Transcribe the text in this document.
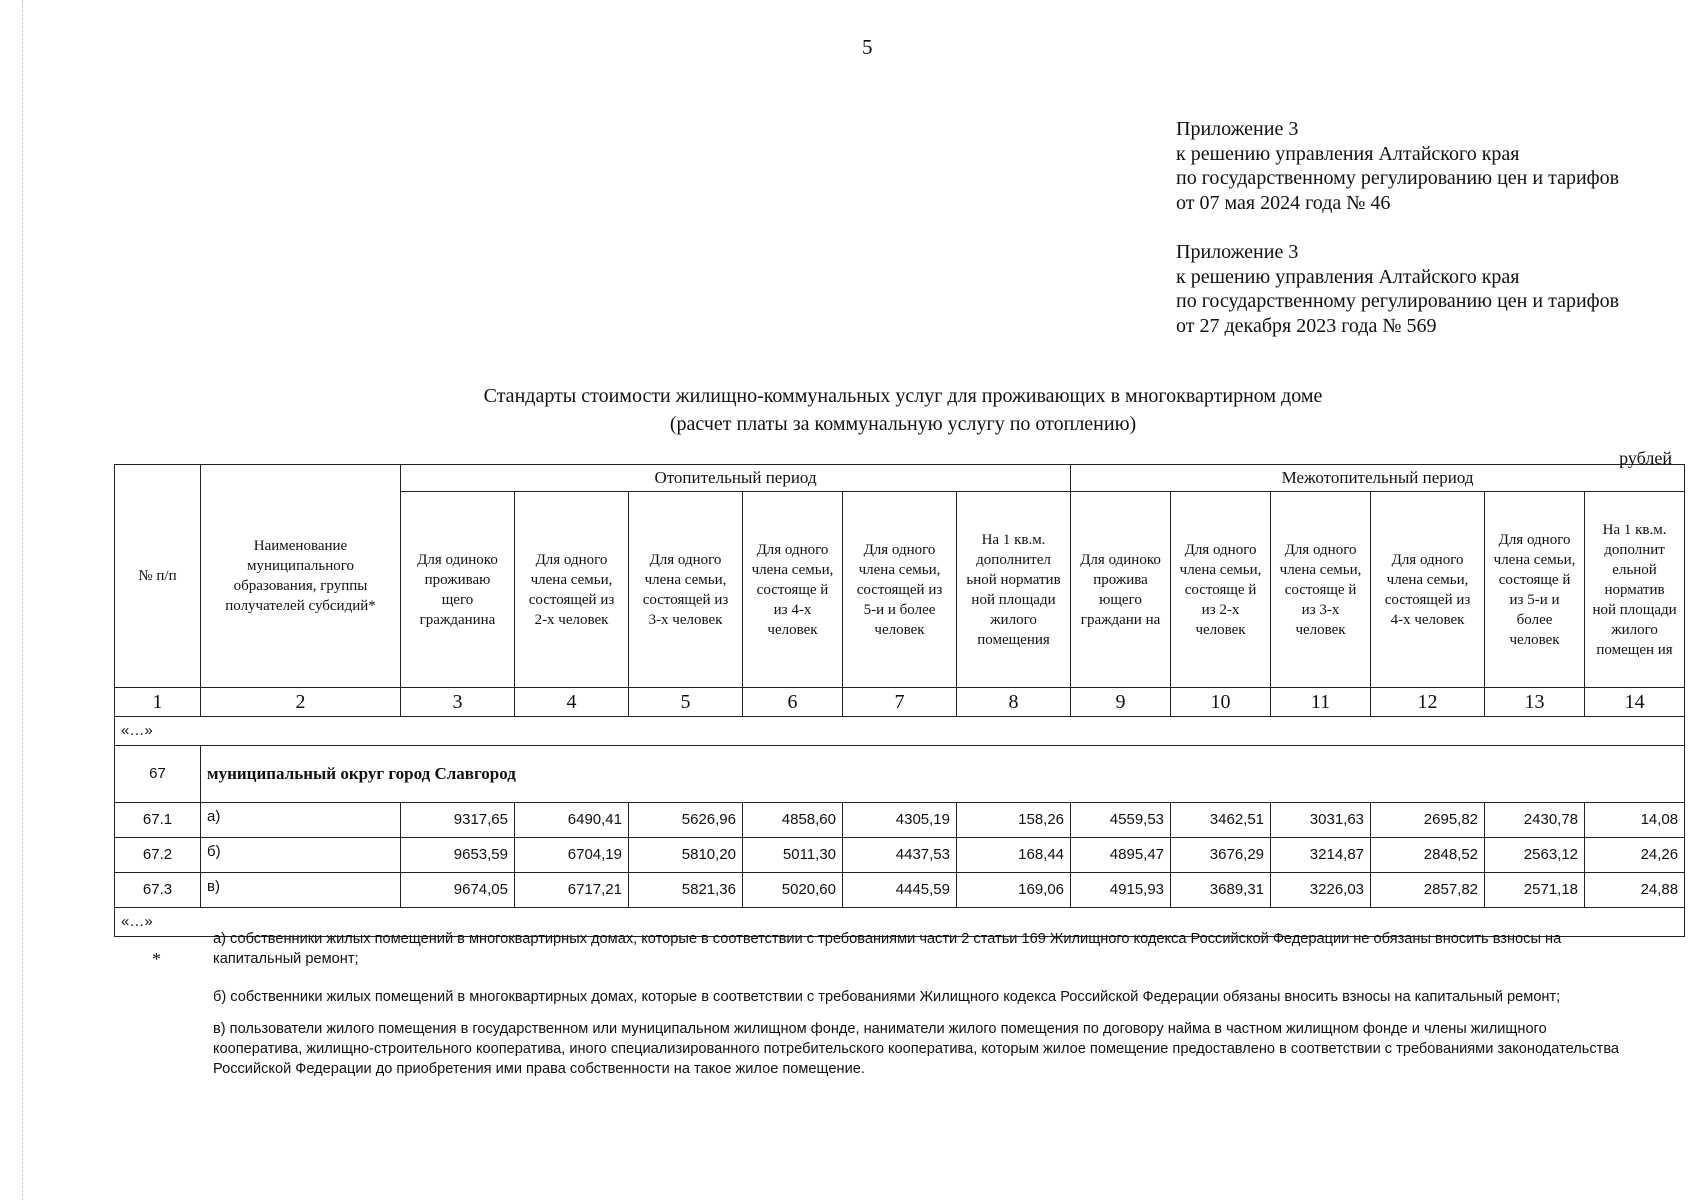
5
Приложение 3
к решению управления Алтайского края
по государственному регулированию цен и тарифов
от 07 мая 2024 года № 46
Приложение 3
к решению управления Алтайского края
по государственному регулированию цен и тарифов
от 27 декабря 2023 года № 569
Стандарты стоимости жилищно-коммунальных услуг для проживающих в многоквартирном доме
(расчет платы за коммунальную услугу по отоплению)
рублей
№ п/п	Наименование муниципального образования, группы получателей субсидий*	Отопительный период						Межотопительный период					
		Для одиноко проживаю щего гражданина	Для одного члена семьи, состоящей из 2-х человек	Для одного члена семьи, состоящей из 3-х человек	Для одного члена семьи, состояще й из 4-х человек	Для одного члена семьи, состоящей из 5-и и более человек	На 1 кв.м. дополнител ьной норматив ной площади жилого помещения	Для одиноко прожива ющего граждани на	Для одного члена семьи, состояще й из 2-х человек	Для одного члена семьи, состояще й из 3-х человек	Для одного члена семьи, состоящей из 4-х человек	Для одного члена семьи, состояще й из 5-и и более человек	На 1 кв.м. дополнит ельной норматив ной площади жилого помещен ия
1	2	3	4	5	6	7	8	9	10	11	12	13	14
«…»													
67	муниципальный округ город Славгород												
67.1	а)	9317,65	6490,41	5626,96	4858,60	4305,19	158,26	4559,53	3462,51	3031,63	2695,82	2430,78	14,08
67.2	б)	9653,59	6704,19	5810,20	5011,30	4437,53	168,44	4895,47	3676,29	3214,87	2848,52	2563,12	24,26
67.3	в)	9674,05	6717,21	5821,36	5020,60	4445,59	169,06	4915,93	3689,31	3226,03	2857,82	2571,18	24,88
«…»													
*

а) собственники жилых помещений в многоквартирных домах, которые в соответствии с требованиями части 2 статьи 169 Жилищного кодекса Российской Федерации не обязаны вносить взносы на капитальный ремонт;

б) собственники жилых помещений в многоквартирных домах, которые в соответствии с требованиями Жилищного кодекса Российской Федерации обязаны вносить взносы на капитальный ремонт;

в) пользователи жилого помещения в государственном или муниципальном жилищном фонде, наниматели жилого помещения по договору найма в частном жилищном фонде и члены жилищного кооператива, жилищно-строительного кооператива, иного специализированного потребительского кооператива, которым жилое помещение предоставлено в соответствии с требованиями законодательства Российской Федерации до приобретения ими права собственности на такое жилое помещение.
